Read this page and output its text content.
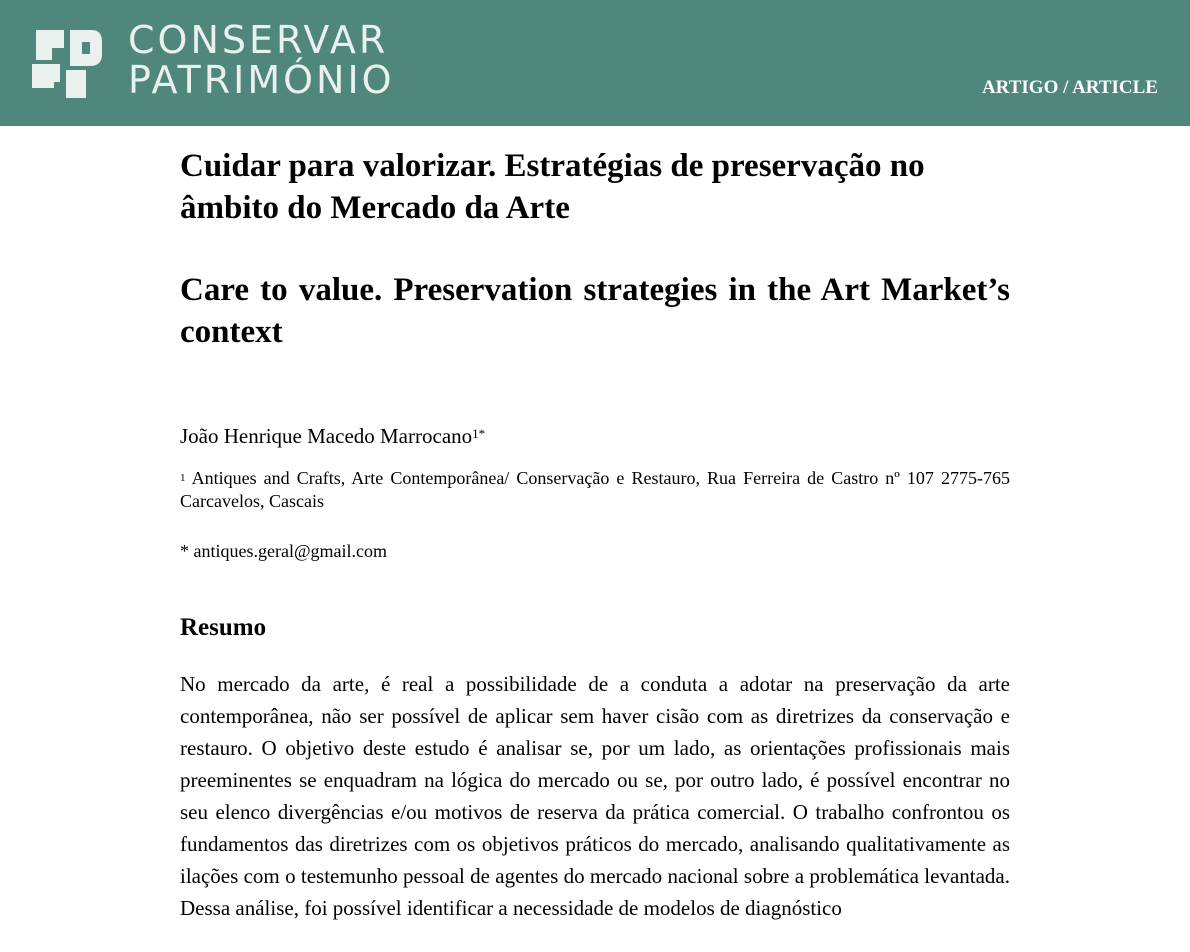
CONSERVAR
PATRIMÓNIO	ARTIGO / ARTICLE
Cuidar para valorizar. Estratégias de preservação no âmbito do Mercado da Arte
Care to value. Preservation strategies in the Art Market’s context
João Henrique Macedo Marrocano$^{1*}$
$^1$ Antiques and Crafts, Arte Contemporânea/ Conservação e Restauro, Rua Ferreira de Castro nº 107 2775-765 Carcavelos, Cascais
* antiques.geral@gmail.com
Resumo

No mercado da arte, é real a possibilidade de a conduta a adotar na preservação da arte contemporânea, não ser possível de aplicar sem haver cisão com as diretrizes da conservação e restauro. O objetivo deste estudo é analisar se, por um lado, as orientações profissionais mais preeminentes se enquadram na lógica do mercado ou se, por outro lado, é possível encontrar no seu elenco divergências e/ou motivos de reserva da prática comercial. O trabalho confrontou os fundamentos das diretrizes com os objetivos práticos do mercado, analisando qualitativamente as ilações com o testemunho pessoal de agentes do mercado nacional sobre a problemática levantada. Dessa análise, foi possível identificar a necessidade de modelos de diagnóstico
